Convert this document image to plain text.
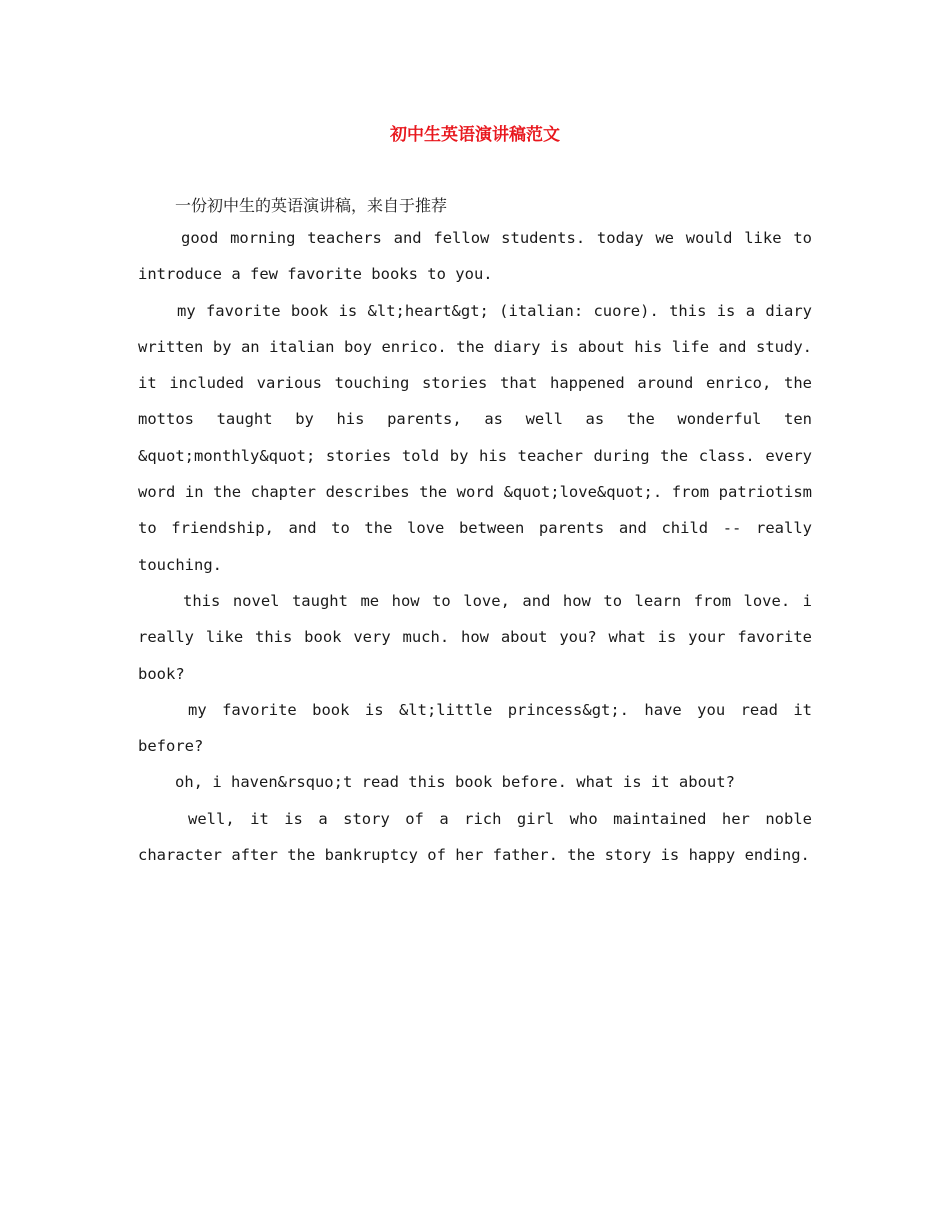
初中生英语演讲稿范文

一份初中生的英语演讲稿，来自于推荐

good morning teachers and fellow students. today we would like to introduce a few favorite books to you.

my favorite book is &lt;heart&gt; (italian: cuore). this is a diary written by an italian boy enrico. the diary is about his life and study. it included various touching stories that happened around enrico, the mottos taught by his parents, as well as the wonderful ten &quot;monthly&quot; stories told by his teacher during the class. every word in the chapter describes the word &quot;love&quot;. from patriotism to friendship, and to the love between parents and child -- really touching.

this novel taught me how to love, and how to learn from love. i really like this book very much. how about you? what is your favorite book?

my favorite book is &lt;little princess&gt;. have you read it before?

oh, i haven&rsquo;t read this book before. what is it about?

well, it is a story of a rich girl who maintained her noble character after the bankruptcy of her father. the story is happy ending.
